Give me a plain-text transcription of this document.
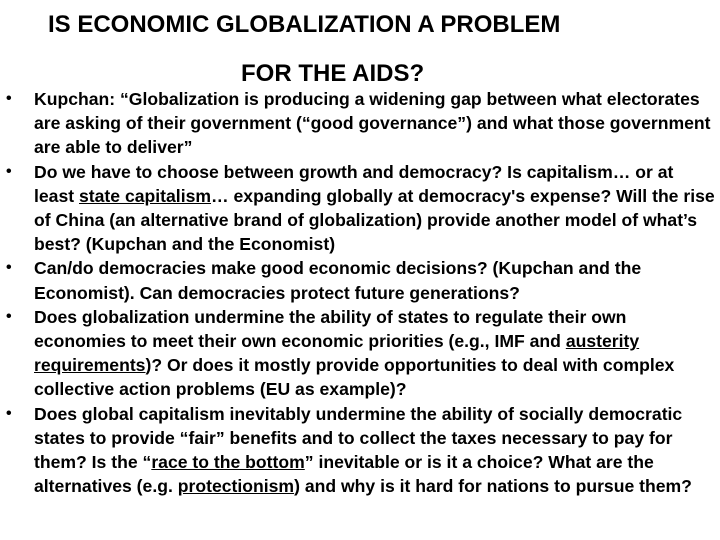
IS ECONOMIC GLOBALIZATION A PROBLEM
FOR THE AIDS?
• Kupchan: “Globalization is producing a widening gap between what electorates are asking of their government (“good governance”) and what those government are able to deliver”
• Do we have to choose between growth and democracy? Is capitalism… or at least state capitalism… expanding globally at democracy's expense? Will the rise of China (an alternative brand of globalization) provide another model of what’s best? (Kupchan and the Economist)
• Can/do democracies make good economic decisions? (Kupchan and the Economist). Can democracies protect future generations?
• Does globalization undermine the ability of states to regulate their own economies to meet their own economic priorities (e.g., IMF and austerity requirements)? Or does it mostly provide opportunities to deal with complex collective action problems (EU as example)?
• Does global capitalism inevitably undermine the ability of socially democratic states to provide “fair” benefits and to collect the taxes necessary to pay for them? Is the “race to the bottom” inevitable or is it a choice? What are the alternatives (e.g. protectionism) and why is it hard for nations to pursue them?
